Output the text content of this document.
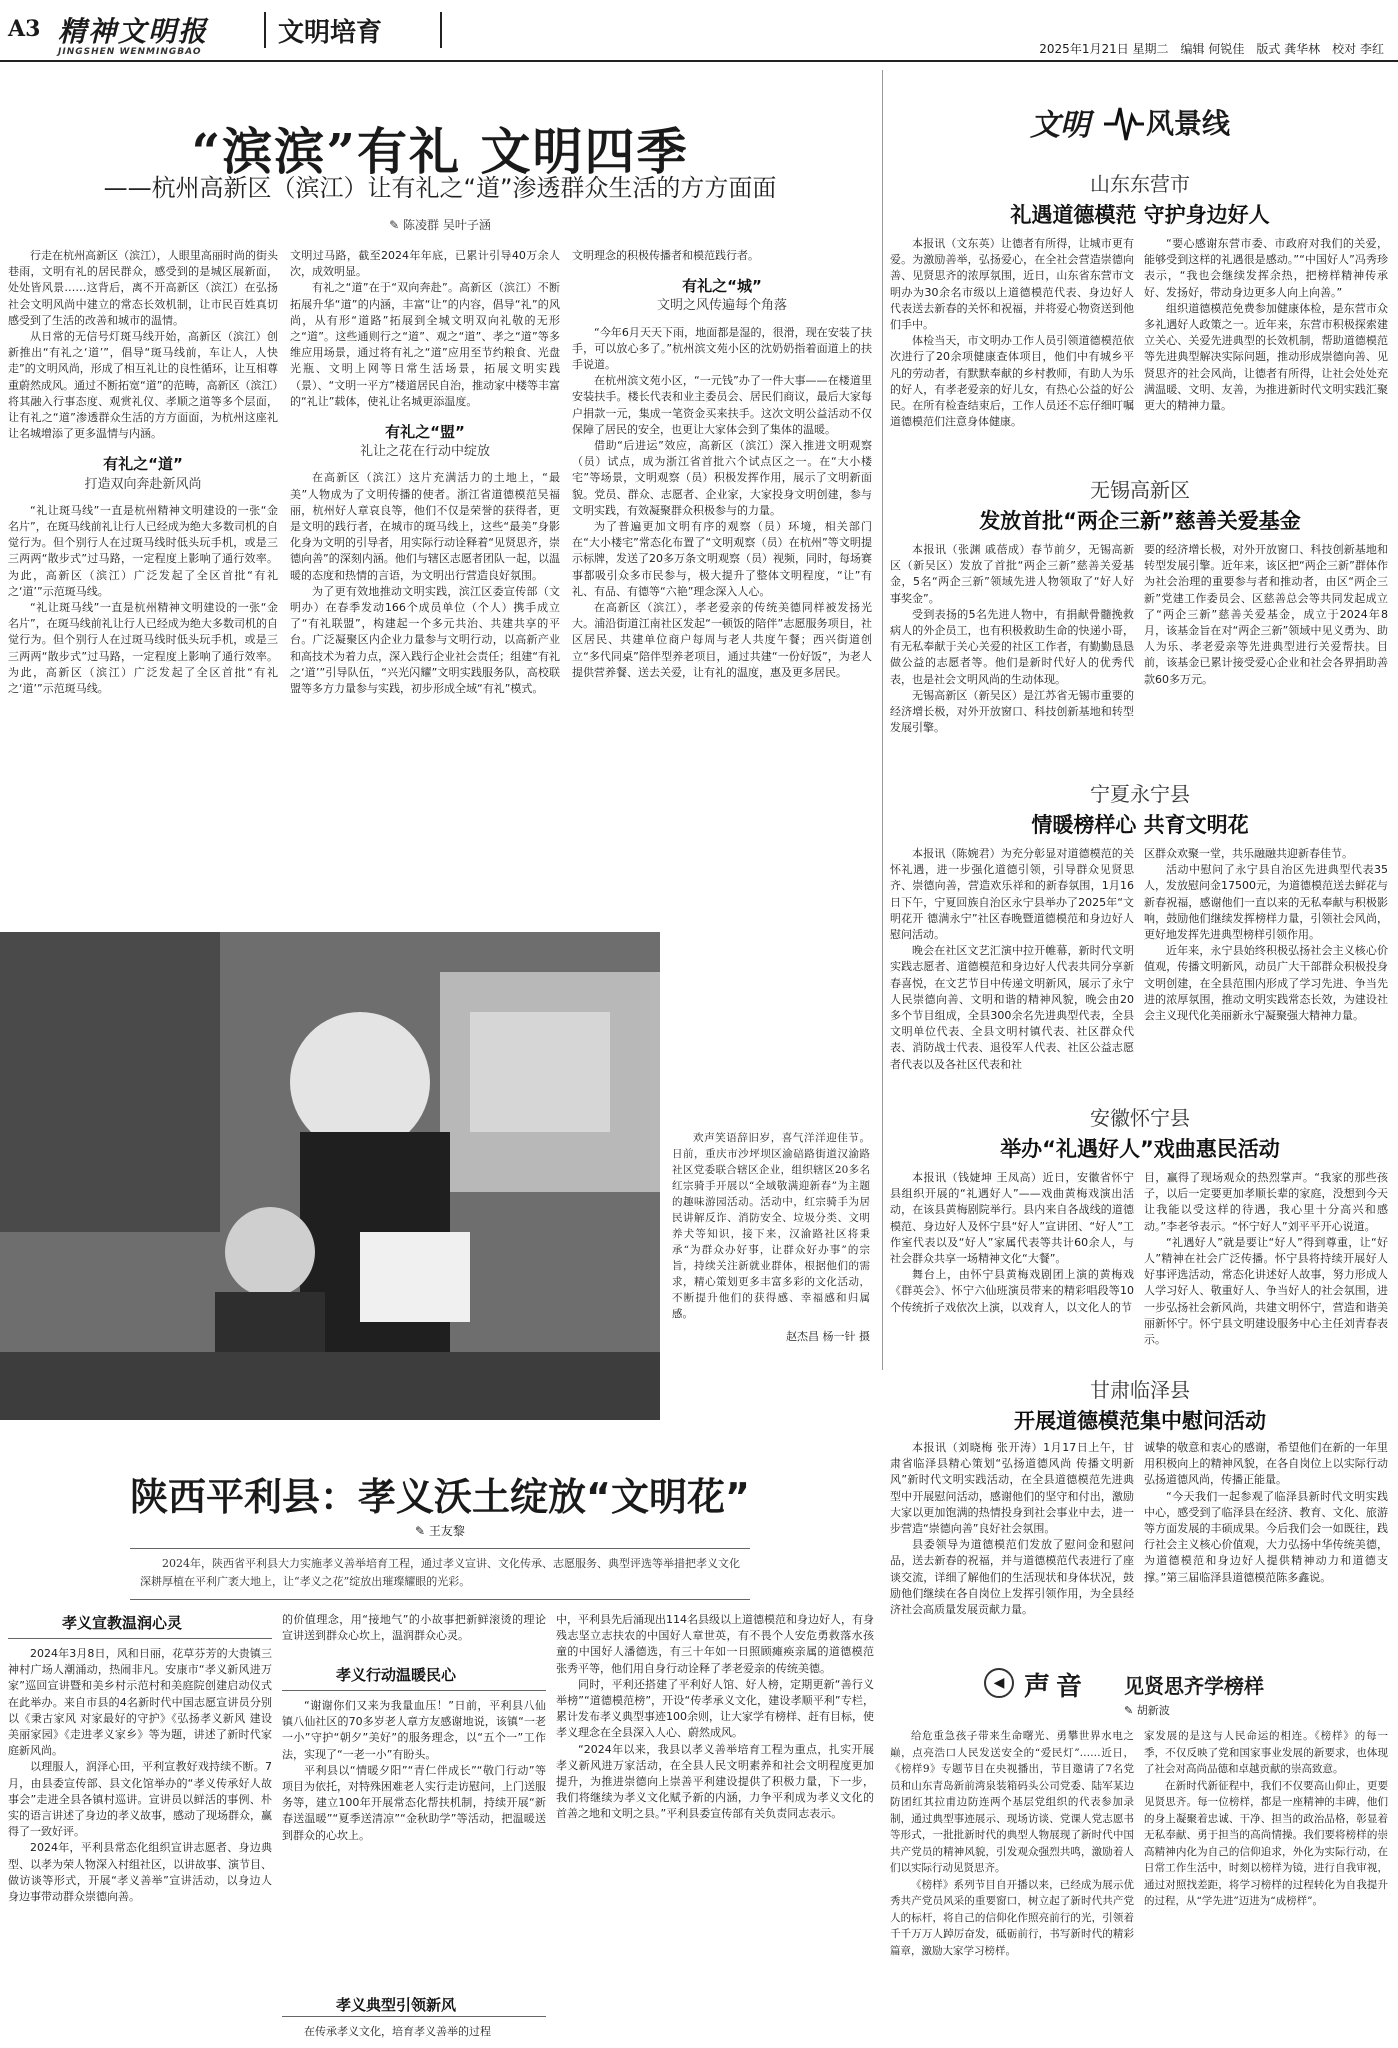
A3 精神文明报
JINGSHEN WENMINGBAO
文明培育
2025年1月21日 星期二　编辑 何锐佳　版式 龚华林　校对 李红
“滨滨”有礼 文明四季
——杭州高新区（滨江）让有礼之“道”渗透群众生活的方方面面
✎ 陈凌群 吴叶子涵

行走在杭州高新区（滨江），人眼里高丽时尚的街头巷雨，文明有礼的居民群众，感受到的是城区展新面，处处皆风景……这背后，离不开高新区（滨江）在弘扬社会文明风尚中建立的常态长效机制，让市民百姓真切感受到了生活的改善和城市的温情。

从日常的无信号灯斑马线开始，高新区（滨江）创新推出“有礼之‘道’”，倡导“斑马线前，车让人，人快走”的文明风尚，形成了相互礼让的良性循环，让互相尊重蔚然成风。通过不断拓宽“道”的范畴，高新区（滨江）将其融入行事态度、观赏礼仪、孝顺之道等多个层面，让有礼之“道”渗透群众生活的方方面面，为杭州这座礼让名城增添了更多温情与内涵。

有礼之“道”
打造双向奔赴新风尚

“礼让斑马线”一直是杭州精神文明建设的一张“金名片”，在斑马线前礼让行人已经成为绝大多数司机的自觉行为。但个别行人在过斑马线时低头玩手机，或是三三两两“散步式”过马路，一定程度上影响了通行效率。为此，高新区（滨江）广泛发起了全区首批“有礼之‘道’”示范斑马线。

“礼让斑马线”一直是杭州精神文明建设的一张“金名片”，在斑马线前礼让行人已经成为绝大多数司机的自觉行为。但个别行人在过斑马线时低头玩手机，或是三三两两“散步式”过马路，一定程度上影响了通行效率。为此，高新区（滨江）广泛发起了全区首批“有礼之‘道’”示范斑马线。

文明过马路，截至2024年年底，已累计引导40万余人次，成效明显。

有礼之“道”在于“双向奔赴”。高新区（滨江）不断拓展升华“道”的内涵，丰富“让”的内容，倡导“礼”的风尚，从有形“道路”拓展到全城文明双向礼敬的无形之“道”。这些通则行之“道”、观之“道”、孝之“道”等多维应用场景，通过将有礼之“道”应用至节约粮食、光盘光瓶、文明上网等日常生活场景，拓展文明实践（景）、“文明一平方”楼道居民自治，推动家中楼等丰富的“礼让”载体，使礼让名城更添温度。

有礼之“盟”
礼让之花在行动中绽放

在高新区（滨江）这片充满活力的土地上，“最美”人物成为了文明传播的使者。浙江省道德模范吴福丽，杭州好人章哀良等，他们不仅是荣誉的获得者，更是文明的践行者，在城市的斑马线上，这些“最美”身影化身为文明的引导者，用实际行动诠释着“见贤思齐，崇德向善”的深刻内涵。他们与辖区志愿者团队一起，以温暖的态度和热情的言语，为文明出行营造良好氛围。

为了更有效地推动文明实践，滨江区委宣传部（文明办）在春季发动166个成员单位（个人）携手成立了“有礼联盟”，构建起一个多元共治、共建共享的平台。广泛凝聚区内企业力量参与文明行动，以高新产业和高技术为着力点，深入践行企业社会责任；组建“有礼之‘道’”引导队伍，“兴光闪耀”文明实践服务队，高校联盟等多方力量参与实践，初步形成全域“有礼”模式。

文明理念的积极传播者和模范践行者。

有礼之“城”
文明之风传遍每个角落

“今年6月天天下雨，地面都是湿的，很滑，现在安装了扶手，可以放心多了。”杭州滨文苑小区的沈奶奶指着面道上的扶手说道。

在杭州滨文苑小区，“一元钱”办了一件大事——在楼道里安装扶手。楼长代表和业主委员会、居民们商议，最后大家每户捐款一元，集成一笔资金买来扶手。这次文明公益活动不仅保障了居民的安全，也更让大家体会到了集体的温暖。

借助“后进运”效应，高新区（滨江）深入推进文明观察（员）试点，成为浙江省首批六个试点区之一。在“大小楼宅”等场景，文明观察（员）积极发挥作用，展示了文明新面貌。党员、群众、志愿者、企业家，大家投身文明创建，参与文明实践，有效凝聚群众积极参与的力量。

为了普遍更加文明有序的观察（员）环境，相关部门在“大小楼宅”常态化布置了“文明观察（员）在杭州”等文明提示标牌，发送了20多万条文明观察（员）视频，同时，每场赛事都吸引众多市民参与，极大提升了整体文明程度，“让”有礼、有品、有德等“六艳”理念深入人心。

在高新区（滨江），孝老爱亲的传统美德同样被发扬光大。浦沿街道江南社区发起“一顿饭的陪伴”志愿服务项目，社区居民、共建单位商户每周与老人共度午餐；西兴街道创立“多代同桌”陪伴型养老项目，通过共建“一份好饭”，为老人提供营养餐、送去关爱，让有礼的温度，惠及更多居民。

欢声笑语辞旧岁，喜气洋洋迎佳节。日前，重庆市沙坪坝区渝碚路街道汉渝路社区党委联合辖区企业，组织辖区20多名红宗骑手开展以“全域敬满迎新春”为主题的趣味游园活动。活动中，红宗骑手为居民讲解反诈、消防安全、垃圾分类、文明养犬等知识，接下来，汉渝路社区将秉承“为群众办好事，让群众好办事”的宗旨，持续关注新就业群体，根据他们的需求，精心策划更多丰富多彩的文化活动，不断提升他们的获得感、幸福感和归属感。
赵杰昌 杨一针 摄
文明 风景线
山东东营市
礼遇道德模范 守护身边好人

本报讯（文东英）让德者有所得，让城市更有爱。为激励善举，弘扬爱心，在全社会营造崇德向善、见贤思齐的浓厚氛围，近日，山东省东营市文明办为30余名市级以上道德模范代表、身边好人代表送去新春的关怀和祝福，并将爱心物资送到他们手中。

体检当天，市文明办工作人员引领道德模范依次进行了20余项健康查体项目，他们中有城乡平凡的劳动者，有默默奉献的乡村教师，有助人为乐的好人，有孝老爱亲的好儿女，有热心公益的好公民。在所有检查结束后，工作人员还不忘仔细叮嘱道德模范们注意身体健康。

“要心感谢东营市委、市政府对我们的关爱，能够受到这样的礼遇很是感动。”“中国好人”冯秀珍表示，“我也会继续发挥余热，把榜样精神传承好、发扬好，带动身边更多人向上向善。”

组织道德模范免费参加健康体检，是东营市众多礼遇好人政策之一。近年来，东营市积极探索建立关心、关爱先进典型的长效机制，帮助道德模范等先进典型解决实际问题，推动形成崇德向善、见贤思齐的社会风尚，让德者有所得，让社会处处充满温暖、文明、友善，为推进新时代文明实践汇聚更大的精神力量。

无锡高新区
发放首批“两企三新”慈善关爱基金

本报讯（张渊 戚蓓成）春节前夕，无锡高新区（新吴区）发放了首批“两企三新”慈善关爱基金，5名“两企三新”领域先进人物领取了“好人好事奖金”。

受到表扬的5名先进人物中，有捐献骨髓挽救病人的外企员工，也有积极救助生命的快递小哥，有无私奉献于关心关爱的社区工作者，有勤勤恳恳做公益的志愿者等。他们是新时代好人的优秀代表，也是社会文明风尚的生动体现。

无锡高新区（新吴区）是江苏省无锡市重要的经济增长极，对外开放窗口、科技创新基地和转型发展引擎。

要的经济增长极，对外开放窗口、科技创新基地和转型发展引擎。近年来，该区把“两企三新”群体作为社会治理的重要参与者和推动者，由区“两企三新”党建工作委员会、区慈善总会等共同发起成立了“两企三新”慈善关爱基金，成立于2024年8月，该基金旨在对“两企三新”领域中见义勇为、助人为乐、孝老爱亲等先进典型进行关爱帮扶。目前，该基金已累计接受爱心企业和社会各界捐助善款60多万元。

宁夏永宁县
情暖榜样心 共育文明花

本报讯（陈婉君）为充分彰显对道德模范的关怀礼遇，进一步强化道德引领，引导群众见贤思齐、崇德向善，营造欢乐祥和的新春氛围，1月16日下午，宁夏回族自治区永宁县举办了2025年“文明花开 德满永宁”社区春晚暨道德模范和身边好人慰问活动。

晚会在社区文艺汇演中拉开帷幕，新时代文明实践志愿者、道德模范和身边好人代表共同分享新春喜悦，在文艺节目中传递文明新风，展示了永宁人民崇德向善、文明和谐的精神风貌，晚会由20多个节目组成，全县300余名先进典型代表，全县文明单位代表、全县文明村镇代表、社区群众代表、消防战士代表、退役军人代表、社区公益志愿者代表以及各社区代表和社

区群众欢聚一堂，共乐融融共迎新春佳节。

活动中慰问了永宁县自治区先进典型代表35人，发放慰问金17500元，为道德模范送去鲜花与新春祝福，感谢他们一直以来的无私奉献与积极影响，鼓励他们继续发挥榜样力量，引领社会风尚，更好地发挥先进典型榜样引领作用。

近年来，永宁县始终积极弘扬社会主义核心价值观，传播文明新风，动员广大干部群众积极投身文明创建，在全县范围内形成了学习先进、争当先进的浓厚氛围，推动文明实践常态长效，为建设社会主义现代化美丽新永宁凝聚强大精神力量。

安徽怀宁县
举办“礼遇好人”戏曲惠民活动

本报讯（钱婕坤 王凤高）近日，安徽省怀宁县组织开展的“礼遇好人”——戏曲黄梅戏演出活动，在该县黄梅剧院举行。县内来自各战线的道德模范、身边好人及怀宁县“好人”宣讲团、“好人”工作室代表以及“好人”家属代表等共计60余人，与社会群众共享一场精神文化“大餐”。

舞台上，由怀宁县黄梅戏剧团上演的黄梅戏《群英会》、怀宁六仙班演员带来的精彩唱段等10个传统折子戏依次上演，以戏育人，以文化人的节

目，赢得了现场观众的热烈掌声。“我家的那些孩子，以后一定要更加孝顺长辈的家庭，没想到今天让我能以受这样的待遇，我心里十分高兴和感动。”李老爷表示。“怀宁好人”刘平平开心说道。

“礼遇好人”就是要让“好人”得到尊重，让“好人”精神在社会广泛传播。怀宁县将持续开展好人好事评选活动，常态化讲述好人故事，努力形成人人学习好人、敬重好人、争当好人的社会氛围，进一步弘扬社会新风尚，共建文明怀宁，营造和谐美丽新怀宁。怀宁县文明建设服务中心主任刘青春表示。

甘肃临泽县
开展道德模范集中慰问活动
陕西平利县：孝义沃土绽放“文明花”
✎ 王友黎
2024年，陕西省平利县大力实施孝义善举培育工程，通过孝义宣讲、文化传承、志愿服务、典型评选等举措把孝义文化深耕厚植在平利广袤大地上，让“孝义之花”绽放出璀璨耀眼的光彩。
孝义宣教温润心灵

2024年3月8日，风和日丽，花草芬芳的大贵镇三神村广场人潮涌动，热闹非凡。安康市“孝义新风进万家”巡回宣讲暨和美乡村示范村和美庭院创建启动仪式在此举办。来自市县的4名新时代中国志愿宣讲员分别以《秉古家风 对家最好的守护》《弘扬孝义新风 建设美丽家园》《走进孝义家乡》等为题，讲述了新时代家庭新风尚。

以理服人，润泽心田，平利宣教好戏持续不断。7月，由县委宣传部、县文化馆举办的“孝义传承好人故事会”走进全县各镇村巡讲。宣讲员以鲜活的事例、朴实的语言讲述了身边的孝义故事，感动了现场群众，赢得了一致好评。

2024年，平利县常态化组织宣讲志愿者、身边典型、以孝为荣人物深入村组社区，以讲故事、演节目、做访谈等形式，开展“孝义善举”宣讲活动，以身边人身边事带动群众崇德向善。

的价值理念，用“接地气”的小故事把新鲜滚烫的理论宣讲送到群众心坎上，温润群众心灵。

孝义行动温暖民心

“谢谢你们又来为我量血压！”日前，平利县八仙镇八仙社区的70多岁老人章方友感谢地说，该镇“一老一小”守护“朝夕”美好”的服务理念，以“五个一”工作法，实现了“一老一小”有盼头。

平利县以“情暖夕阳”“青仁伴成长”“敬门行动”等项目为依托，对特殊困难老人实行走访慰问，上门送服务等，建立100年开展常态化帮扶机制，持续开展“新春送温暖”“夏季送清凉”“金秋助学”等活动，把温暖送到群众的心坎上。

孝义典型引领新风

在传承孝义文化，培育孝义善举的过程

中，平利县先后涌现出114名县级以上道德模范和身边好人，有身残志坚立志扶农的中国好人章世英，有不畏个人安危勇救落水孩童的中国好人潘德选，有三十年如一日照顾瘫痪亲属的道德模范张秀平等，他们用自身行动诠释了孝老爱亲的传统美德。

同时，平利还搭建了平利好人馆、好人榜，定期更新“善行义举榜”“道德模范榜”，开设“传孝承义文化，建设孝顺平利”专栏，累计发布孝义典型事迹100余则，让大家学有榜样、赶有目标，使孝义理念在全县深入人心、蔚然成风。

“2024年以来，我县以孝义善举培育工程为重点，扎实开展孝义新风进万家活动，在全县人民文明素养和社会文明程度更加提升，为推进崇德向上崇善平利建设提供了积极力量，下一步，我们将继续为孝义文化赋予新的内涵，力争平利成为孝义文化的首善之地和文明之县。”平利县委宣传部有关负责同志表示。

本报讯（刘晓梅 张开涛）1月17日上午，甘肃省临泽县精心策划“弘扬道德风尚 传播文明新风”新时代文明实践活动，在全县道德模范先进典型中开展慰问活动，感谢他们的坚守和付出，激励大家以更加饱满的热情投身到社会事业中去，进一步营造“崇德向善”良好社会氛围。

县委领导为道德模范们发放了慰问金和慰问品，送去新春的祝福，并与道德模范代表进行了座谈交流，详细了解他们的生活现状和身体状况，鼓励他们继续在各自岗位上发挥引领作用，为全县经济社会高质量发展贡献力量。

诚挚的敬意和衷心的感谢，希望他们在新的一年里用积极向上的精神风貌，在各自岗位上以实际行动弘扬道德风尚，传播正能量。

“今天我们一起参观了临泽县新时代文明实践中心，感受到了临泽县在经济、教育、文化、旅游等方面发展的丰硕成果。今后我们会一如既往，践行社会主义核心价值观，大力弘扬中华传统美德，为道德模范和身边好人提供精神动力和道德支撑。”第三届临泽县道德模范陈多鑫说。

◀ 声音 见贤思齐学榜样
✎ 胡新波

给危重急孩子带来生命曙光、勇攀世界水电之巅，点亮浩口人民发送安全的“爱民灯”……近日，《榜样9》专题节目在央视播出，节目邀请了7名党员和山东青岛新前湾泉装箱码头公司党委、陆军某边防团红其拉甫边防连两个基层党组织的代表参加录制，通过典型事迹展示、现场访谈、党课人党志愿书等形式，一批批新时代的典型人物展现了新时代中国共产党员的精神风貌，引发观众强烈共鸣，激励着人们以实际行动见贤思齐。

《榜样》系列节目自开播以来，已经成为展示优秀共产党员风采的重要窗口，树立起了新时代共产党人的标杆，将自己的信仰化作照亮前行的光，引领着千千万万人踔厉奋发，砥砺前行，书写新时代的精彩篇章，激励大家学习榜样。

家发展的是这与人民命运的相连。《榜样》的每一季，不仅反映了党和国家事业发展的新要求，也体现了社会对高尚品德和卓越贡献的崇高致意。

在新时代新征程中，我们不仅要高山仰止，更要见贤思齐。每一位榜样，都是一座精神的丰碑，他们的身上凝聚着忠诚、干净、担当的政治品格，彰显着无私奉献、勇于担当的高尚情操。我们要将榜样的崇高精神内化为自己的信仰追求，外化为实际行动，在日常工作生活中，时刻以榜样为镜，进行自我审视，通过对照找差距，将学习榜样的过程转化为自我提升的过程，从“学先进”迈进为“成榜样”。
